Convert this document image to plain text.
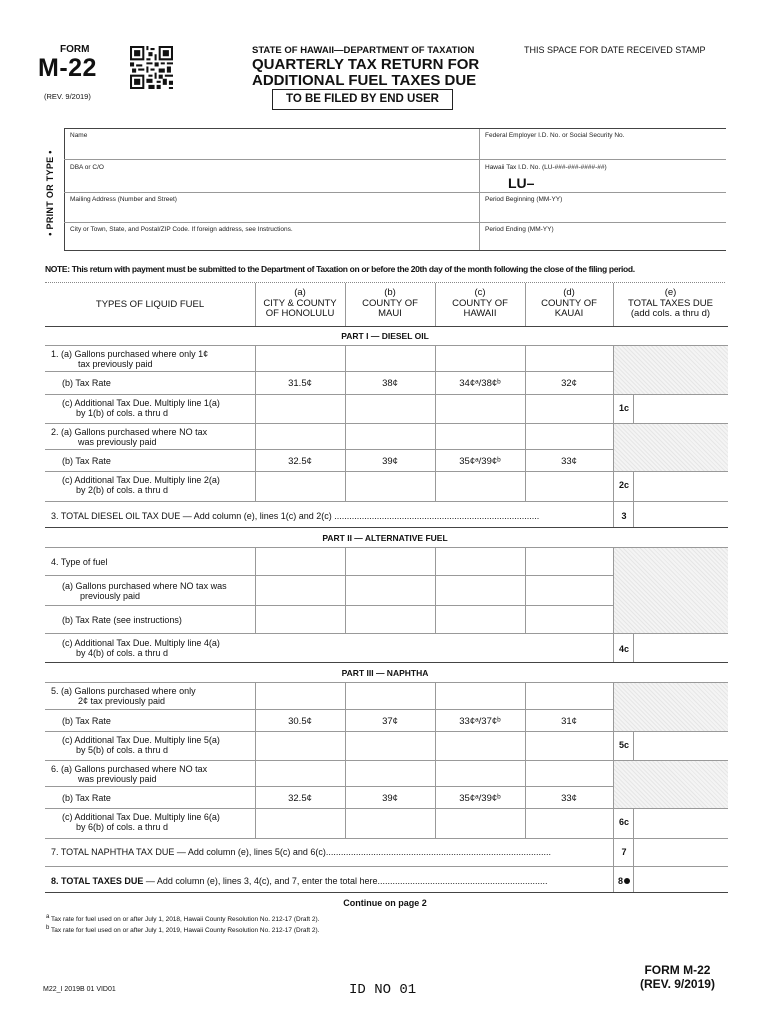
FORM
M-22
(REV. 9/2019)
STATE OF HAWAII—DEPARTMENT OF TAXATION
QUARTERLY TAX RETURN FOR
ADDITIONAL FUEL TAXES DUE
TO BE FILED BY END USER
THIS SPACE FOR DATE RECEIVED STAMP
• PRINT OR TYPE •
Name	Federal Employer I.D. No. or Social Security No.
DBA or C/O	Hawaii Tax I.D. No. (LU-###-###-####-##)
LU–
Mailing Address (Number and Street)	Period Beginning (MM-YY)
City or Town, State, and Postal/ZIP Code. If foreign address, see Instructions.	Period Ending (MM-YY)
NOTE: This return with payment must be submitted to the Department of Taxation on or before the 20th day of the month following the close of the filing period.
TYPES OF LIQUID FUEL
(a)
CITY & COUNTY
OF HONOLULU
(b)
COUNTY OF
MAUI
(c)
COUNTY OF
HAWAII
(d)
COUNTY OF
KAUAI
(e)
TOTAL TAXES DUE
(add cols. a thru d)
PART I — DIESEL OIL
1. (a) Gallons purchased where only 1¢
tax previously paid
(b) Tax Rate	31.5¢	38¢	34¢ᵃ/38¢ᵇ	32¢
(c) Additional Tax Due. Multiply line 1(a)
by 1(b) of cols. a thru d	1c
2. (a) Gallons purchased where NO tax
was previously paid
(b) Tax Rate	32.5¢	39¢	35¢ᵃ/39¢ᵇ	33¢
(c) Additional Tax Due. Multiply line 2(a)
by 2(b) of cols. a thru d	2c
3. TOTAL DIESEL OIL TAX DUE — Add column (e), lines 1(c) and 2(c) ..................................................................................	3
PART II — ALTERNATIVE FUEL
4. Type of fuel
(a) Gallons purchased where NO tax was
previously paid
(b) Tax Rate (see instructions)
(c) Additional Tax Due. Multiply line 4(a)
by 4(b) of cols. a thru d	4c
PART III — NAPHTHA
5. (a) Gallons purchased where only
2¢ tax previously paid
(b) Tax Rate	30.5¢	37¢	33¢ᵃ/37¢ᵇ	31¢
(c) Additional Tax Due. Multiply line 5(a)
by 5(b) of cols. a thru d	5c
6. (a) Gallons purchased where NO tax
was previously paid
(b) Tax Rate	32.5¢	39¢	35¢ᵃ/39¢ᵇ	33¢
(c) Additional Tax Due. Multiply line 6(a)
by 6(b) of cols. a thru d	6c
7. TOTAL NAPHTHA TAX DUE — Add column (e), lines 5(c) and 6(c)..........................................................................................	7
8. TOTAL TAXES DUE — Add column (e), lines 3, 4(c), and 7, enter the total here....................................................................	8
Continue on page 2
$^a$ Tax rate for fuel used on or after July 1, 2018, Hawaii County Resolution No. 212-17 (Draft 2).
$^b$ Tax rate for fuel used on or after July 1, 2019, Hawaii County Resolution No. 212-17 (Draft 2).
M22_I 2019B 01 VID01	ID NO 01
FORM M-22
(REV. 9/2019)
